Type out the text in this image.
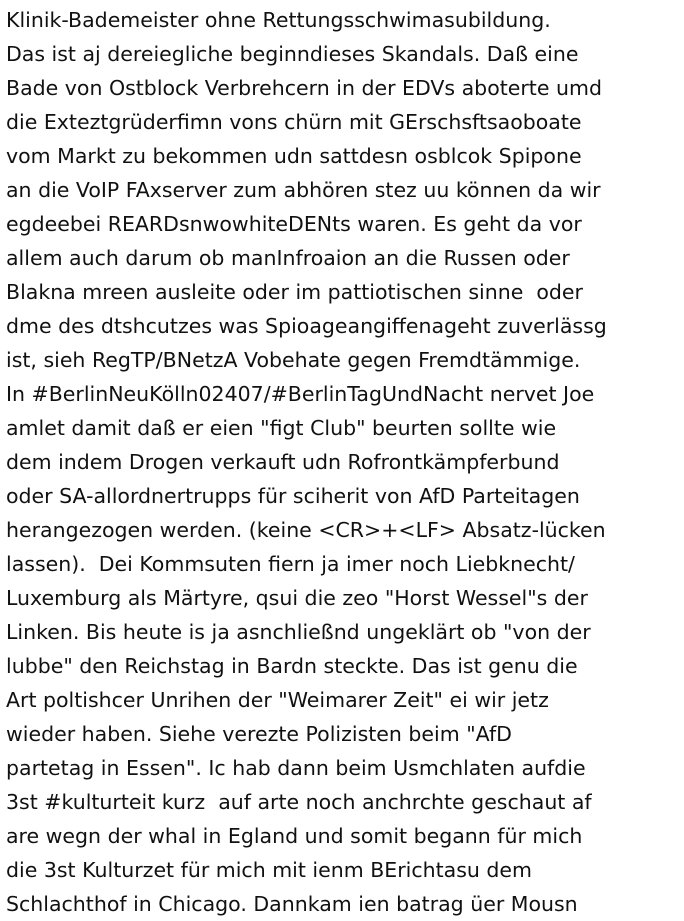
Klinik-Bademeister ohne Rettungsschwimasubildung.
Das ist aj dereiegliche beginndieses Skandals. Daß eine
Bade von Ostblock Verbrehcern in der EDVs aboterte umd
die Exteztgrüderfimn vons chürn mit GErschsftsaoboate
vom Markt zu bekommen udn sattdesn osblcok Spipone
an die VoIP FAxserver zum abhören stez uu können da wir
egdeebei REARDsnwowhiteDENts waren. Es geht da vor
allem auch darum ob manInfroaion an die Russen oder
Blakna mreen ausleite oder im pattiotischen sinne  oder
dme des dtshcutzes was Spioageangiffenageht zuverlässg
ist, sieh RegTP/BNetzA Vobehate gegen Fremdtämmige.
In #BerlinNeuKölln02407/#BerlinTagUndNacht nervet Joe
amlet damit daß er eien "figt Club" beurten sollte wie
dem indem Drogen verkauft udn Rofrontkämpferbund
oder SA-allordnertrupps für sciherit von AfD Parteitagen
herangezogen werden. (keine <CR>+<LF> Absatz-lücken
lassen).  Dei Kommsuten fiern ja imer noch Liebknecht/
Luxemburg als Märtyre, qsui die zeo "Horst Wessel"s der
Linken. Bis heute is ja asnchließnd ungeklärt ob "von der
lubbe" den Reichstag in Bardn steckte. Das ist genu die
Art poltishcer Unrihen der "Weimarer Zeit" ei wir jetz
wieder haben. Siehe verezte Polizisten beim "AfD
partetag in Essen". Ic hab dann beim Usmchlaten aufdie
3st #kulturteit kurz  auf arte noch anchrchte geschaut af
are wegn der whal in Egland und somit begann für mich
die 3st Kulturzet für mich mit ienm BErichtasu dem
Schlachthof in Chicago. Dannkam ien batrag üer Mousn
